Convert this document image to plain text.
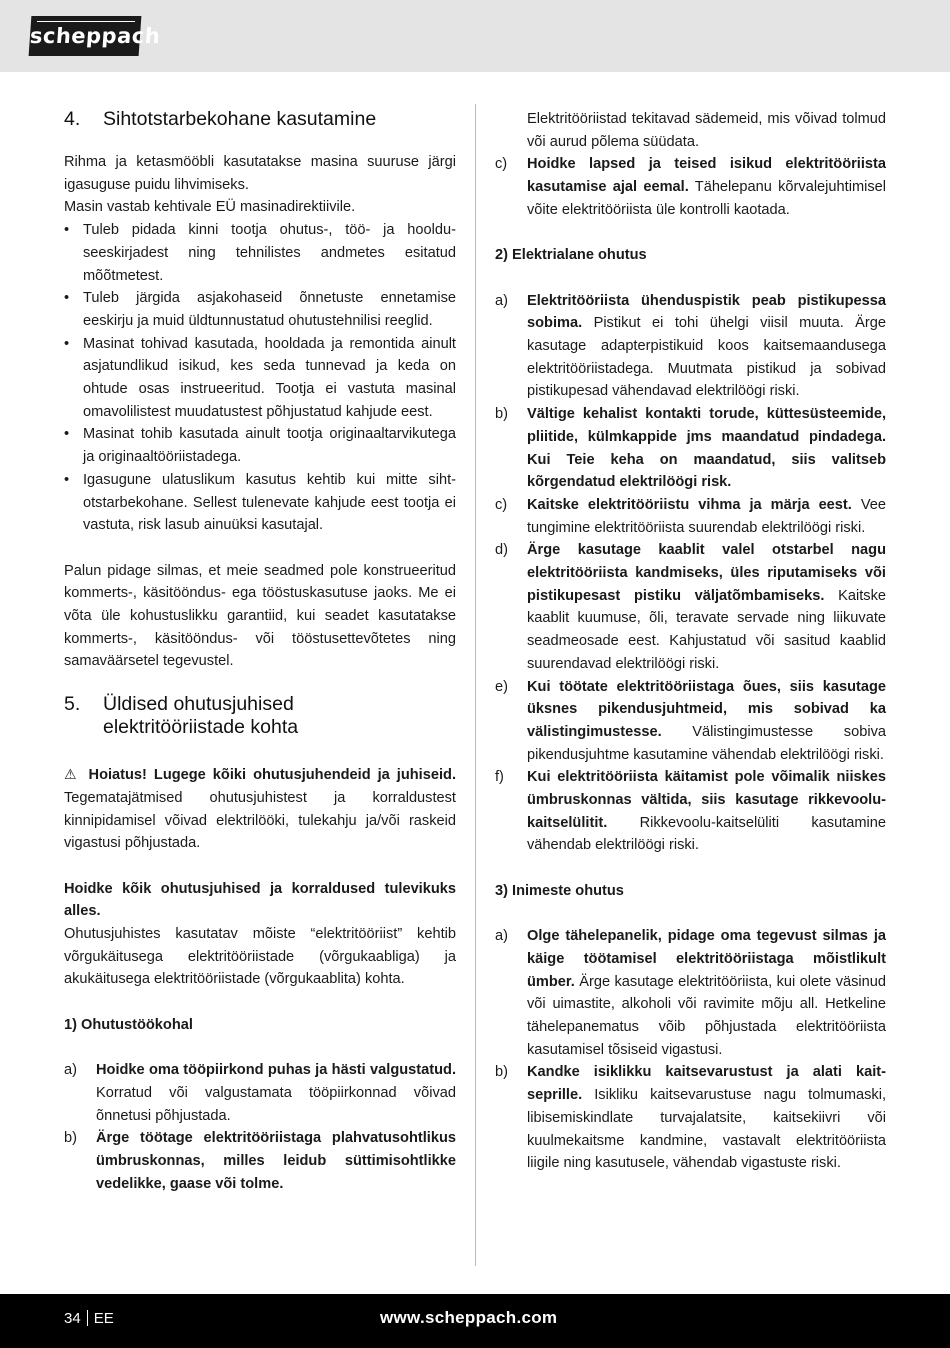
scheppach
4.	Sihtotstarbekohane kasutamine

Rihma ja ketasmööbli kasutatakse masina suuruse järgi igasuguse puidu lihvimiseks.

Masin vastab kehtivale EÜ masinadirektiivile.

• Tuleb pidada kinni tootja ohutus-, töö- ja hoolduseeskirjadest ning tehnilistes andmetes esitatud mõõtmetest.
• Tuleb järgida asjakohaseid õnnetuste ennetamise eeskirju ja muid üldtunnustatud ohutustehnilisi reeglid.
• Masinat tohivad kasutada, hooldada ja remontida ainult asjatundlikud isikud, kes seda tunnevad ja keda on ohtude osas instrueeritud. Tootja ei vastuta masinal omavolilistest muudatustest põhjustatud kahjude eest.
• Masinat tohib kasutada ainult tootja originaaltarvikutega ja originaaltööriistadega.
• Igasugune ulatuslikum kasutus kehtib kui mitte sihtotstarbekohane. Sellest tulenevate kahjude eest tootja ei vastuta, risk lasub ainuüksi kasutajal.

Palun pidage silmas, et meie seadmed pole konstrueeritud kommerts-, käsitööndus- ega tööstuskasutuse jaoks. Me ei võta üle kohustuslikku garantiid, kui seadet kasutatakse kommerts-, käsitööndus- või tööstusettevõtetes ning samaväärsetel tegevustel.

5.	Üldised ohutusjuhised
elektritööriistade kohta

⚠ Hoiatus! Lugege kõiki ohutusjuhendeid ja juhiseid. Tegematajätmised ohutusjuhistest ja korraldustest kinnipidamisel võivad elektrilööki, tulekahju ja/või raskeid vigastusi põhjustada.

Hoidke kõik ohutusjuhised ja korraldused tulevikuks alles.

Ohutusjuhistes kasutatav mõiste “elektritööriist” kehtib võrgukäitusega elektritööriistade (võrgukaabliga) ja akukäitusega elektritööriistade (võrgukaablita) kohta.

1) Ohutustöökohal

a)	Hoidke oma tööpiirkond puhas ja hästi valgustatud. Korratud või valgustamata tööpiirkonnad võivad õnnetusi põhjustada.
b)	Ärge töötage elektritööriistaga plahvatusohtlikus ümbruskonnas, milles leidub süttimisohtlikke vedelikke, gaase või tolme.
Elektritööriistad tekitavad sädemeid, mis võivad tolmud või aurud põlema süüdata.
c)	Hoidke lapsed ja teised isikud elektritööriista kasutamise ajal eemal. Tähelepanu kõrvalejuhtimisel võite elektritööriista üle kontrolli kaotada.

2) Elektrialane ohutus

a)	Elektritööriista ühenduspistik peab pistikupessa sobima. Pistikut ei tohi ühelgi viisil muuta. Ärge kasutage adapterpistikuid koos kaitsemaandusega elektritööriistadega. Muutmata pistikud ja sobivad pistikupesad vähendavad elektrilöögi riski.
b)	Vältige kehalist kontakti torude, küttesüsteemide, pliitide, külmkappide jms maandatud pindadega. Kui Teie keha on maandatud, siis valitseb kõrgendatud elektrilöögi risk.
c)	Kaitske elektritööriistu vihma ja märja eest. Vee tungimine elektritööriista suurendab elektrilöögi riski.
d)	Ärge kasutage kaablit valel otstarbel nagu elektritööriista kandmiseks, üles riputamiseks või pistikupesast pistiku väljatõmbamiseks. Kaitske kaablit kuumuse, õli, teravate servade ning liikuvate seadmeosade eest. Kahjustatud või sasitud kaablid suurendavad elektrilöögi riski.
e)	Kui töötate elektritööriistaga õues, siis kasutage üksnes pikendusjuhtmeid, mis sobivad ka välistingimustesse. Välistingimustesse sobiva pikendusjuhtme kasutamine vähendab elektrilöögi riski.
f)	Kui elektritööriista käitamist pole võimalik niiskes ümbruskonnas vältida, siis kasutage rikkevoolu-kaitselülitit. Rikkevoolu-kaitselüliti kasutamine vähendab elektrilöögi riski.

3) Inimeste ohutus

a)	Olge tähelepanelik, pidage oma tegevust silmas ja käige töötamisel elektritööriistaga mõistlikult ümber. Ärge kasutage elektritööriista, kui olete väsinud või uimastite, alkoholi või ravimite mõju all. Hetkeline tähelepanematus võib põhjustada elektritööriista kasutamisel tõsiseid vigastusi.
b)	Kandke isiklikku kaitsevarustust ja alati kaitseprille. Isikliku kaitsevarustuse nagu tolmumaski, libisemiskindlate turvajalatsite, kaitsekiivri või kuulmekaitsme kandmine, vastavalt elektritööriista liigile ning kasutusele, vähendab vigastuste riski.
34 EE	www.scheppach.com
